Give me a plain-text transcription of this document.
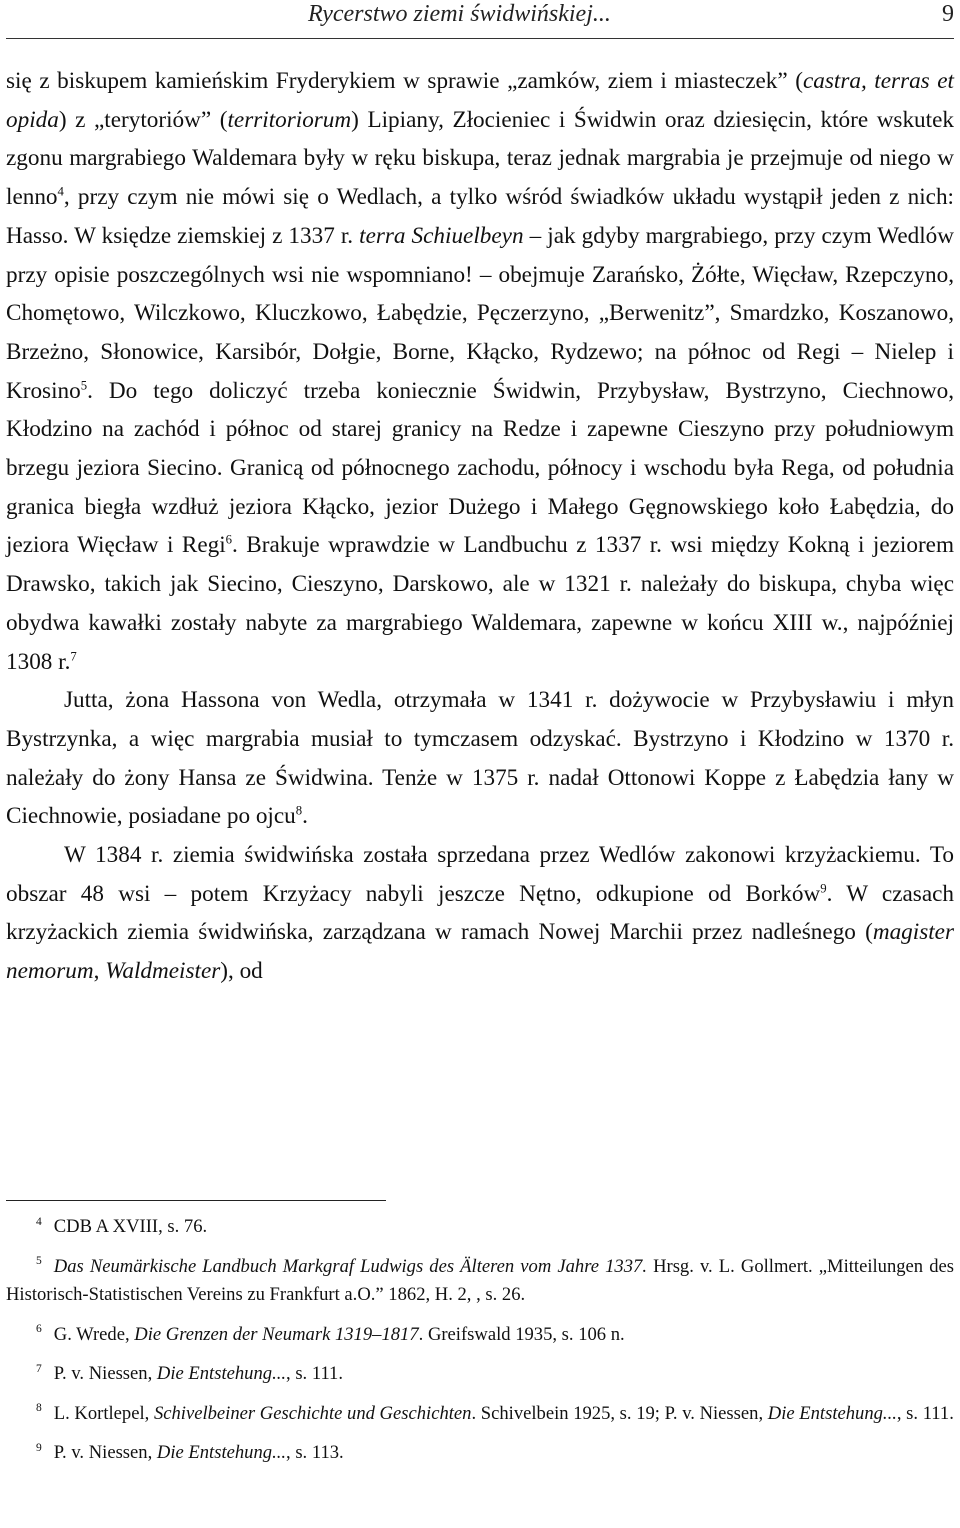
Rycerstwo ziemi świdwińskiej...	9

się z biskupem kamieńskim Fryderykiem w sprawie „zamków, ziem i miasteczek” (castra, terras et opida) z „terytoriów” (territoriorum) Lipiany, Złocieniec i Świdwin oraz dziesięcin, które wskutek zgonu margrabiego Waldemara były w ręku biskupa, teraz jednak margrabia je przejmuje od niego w lenno$^4$, przy czym nie mówi się o Wedlach, a tylko wśród świadków układu wystąpił jeden z nich: Hasso. W księdze ziemskiej z 1337 r. terra Schiuelbeyn – jak gdyby margrabiego, przy czym Wedlów przy opisie poszczególnych wsi nie wspomniano! – obejmuje Zarańsko, Żółte, Więcław, Rzepczyno, Chomętowo, Wilczkowo, Kluczkowo, Łabędzie, Pęczerzyno, „Berwenitz”, Smardzko, Koszanowo, Brzeżno, Słonowice, Karsibór, Dołgie, Borne, Kłącko, Rydzewo; na północ od Regi – Nielep i Krosino$^5$. Do tego doliczyć trzeba koniecznie Świdwin, Przybysław, Bystrzyno, Ciechnowo, Kłodzino na zachód i północ od starej granicy na Redze i zapewne Cieszyno przy południowym brzegu jeziora Siecino. Granicą od północnego zachodu, północy i wschodu była Rega, od południa granica biegła wzdłuż jeziora Kłącko, jezior Dużego i Małego Gęgnowskiego koło Łabędzia, do jeziora Więcław i Regi$^6$. Brakuje wprawdzie w Landbuchu z 1337 r. wsi między Kokną i jeziorem Drawsko, takich jak Siecino, Cieszyno, Darskowo, ale w 1321 r. należały do biskupa, chyba więc obydwa kawałki zostały nabyte za margrabiego Waldemara, zapewne w końcu XIII w., najpóźniej 1308 r.$^7$

Jutta, żona Hassona von Wedla, otrzymała w 1341 r. dożywocie w Przybysławiu i młyn Bystrzynka, a więc margrabia musiał to tymczasem odzyskać. Bystrzyno i Kłodzino w 1370 r. należały do żony Hansa ze Świdwina. Tenże w 1375 r. nadał Ottonowi Koppe z Łabędzia łany w Ciechnowie, posiadane po ojcu$^8$.

W 1384 r. ziemia świdwińska została sprzedana przez Wedlów zakonowi krzyżackiemu. To obszar 48 wsi – potem Krzyżacy nabyli jeszcze Nętno, odkupione od Borków$^9$. W czasach krzyżackich ziemia świdwińska, zarządzana w ramach Nowej Marchii przez nadleśnego (magister nemorum, Waldmeister), od

$^4$ CDB A XVIII, s. 76.

$^5$ Das Neumärkische Landbuch Markgraf Ludwigs des Älteren vom Jahre 1337. Hrsg. v. L. Gollmert. „Mitteilungen des Historisch-Statistischen Vereins zu Frankfurt a.O.” 1862, H. 2, , s. 26.

$^6$ G. Wrede, Die Grenzen der Neumark 1319–1817. Greifswald 1935, s. 106 n.

$^7$ P. v. Niessen, Die Entstehung..., s. 111.

$^8$ L. Kortlepel, Schivelbeiner Geschichte und Geschichten. Schivelbein 1925, s. 19; P. v. Niessen, Die Entstehung..., s. 111.

$^9$ P. v. Niessen, Die Entstehung..., s. 113.
